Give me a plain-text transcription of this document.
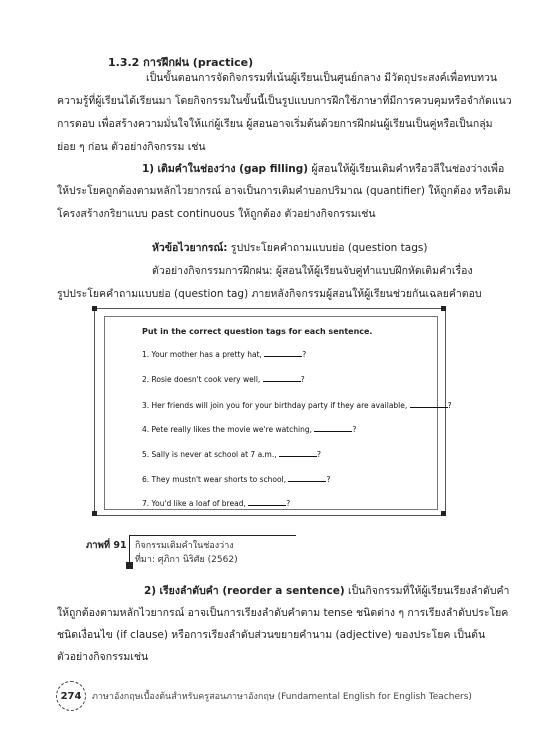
1.3.2 การฝึกฝน (practice)
เป็นขั้นตอนการจัดกิจกรรมที่เน้นผู้เรียนเป็นศูนย์กลาง มีวัตถุประสงค์เพื่อทบทวน
ความรู้ที่ผู้เรียนได้เรียนมา โดยกิจกรรมในขั้นนี้เป็นรูปแบบการฝึกใช้ภาษาที่มีการควบคุมหรือจำกัดแนว
การตอบ เพื่อสร้างความมั่นใจให้แก่ผู้เรียน ผู้สอนอาจเริ่มต้นด้วยการฝึกฝนผู้เรียนเป็นคู่หรือเป็นกลุ่ม
ย่อย ๆ ก่อน ตัวอย่างกิจกรรม เช่น
1) เติมคำในช่องว่าง (gap filling) ผู้สอนให้ผู้เรียนเติมคำหรือวลีในช่องว่างเพื่อ
ให้ประโยคถูกต้องตามหลักไวยากรณ์ อาจเป็นการเติมคำบอกปริมาณ (quantifier) ให้ถูกต้อง หรือเติม
โครงสร้างกริยาแบบ past continuous ให้ถูกต้อง ตัวอย่างกิจกรรมเช่น
หัวข้อไวยากรณ์: รูปประโยคคำถามแบบย่อ (question tags)
ตัวอย่างกิจกรรมการฝึกฝน: ผู้สอนให้ผู้เรียนจับคู่ทำแบบฝึกหัดเติมคำเรื่อง
รูปประโยคคำถามแบบย่อ (question tag) ภายหลังกิจกรรมผู้สอนให้ผู้เรียนช่วยกันเฉลยคำตอบ
Put in the correct question tags for each sentence.
1. Your mother has a pretty hat,	?
2. Rosie doesn't cook very well,	?
3. Her friends will join you for your birthday party if they are available,	?
4. Pete really likes the movie we're watching,	?
5. Sally is never at school at 7 a.m.,	?
6. They mustn't wear shorts to school,	?
7. You'd like a loaf of bread,	?
ภาพที่ 91 กิจกรรมเติมคำในช่องว่าง
ที่มา: ศุภิกา นิริศัย (2562)
2) เรียงลำดับคำ (reorder a sentence) เป็นกิจกรรมที่ให้ผู้เรียนเรียงลำดับคำ
ให้ถูกต้องตามหลักไวยากรณ์ อาจเป็นการเรียงลำดับคำตาม tense ชนิดต่าง ๆ การเรียงลำดับประโยค
ชนิดเงื่อนไข (if clause) หรือการเรียงลำดับส่วนขยายคำนาม (adjective) ของประโยค เป็นต้น
ตัวอย่างกิจกรรมเช่น
274	ภาษาอังกฤษเบื้องต้นสำหรับครูสอนภาษาอังกฤษ (Fundamental English for English Teachers)
